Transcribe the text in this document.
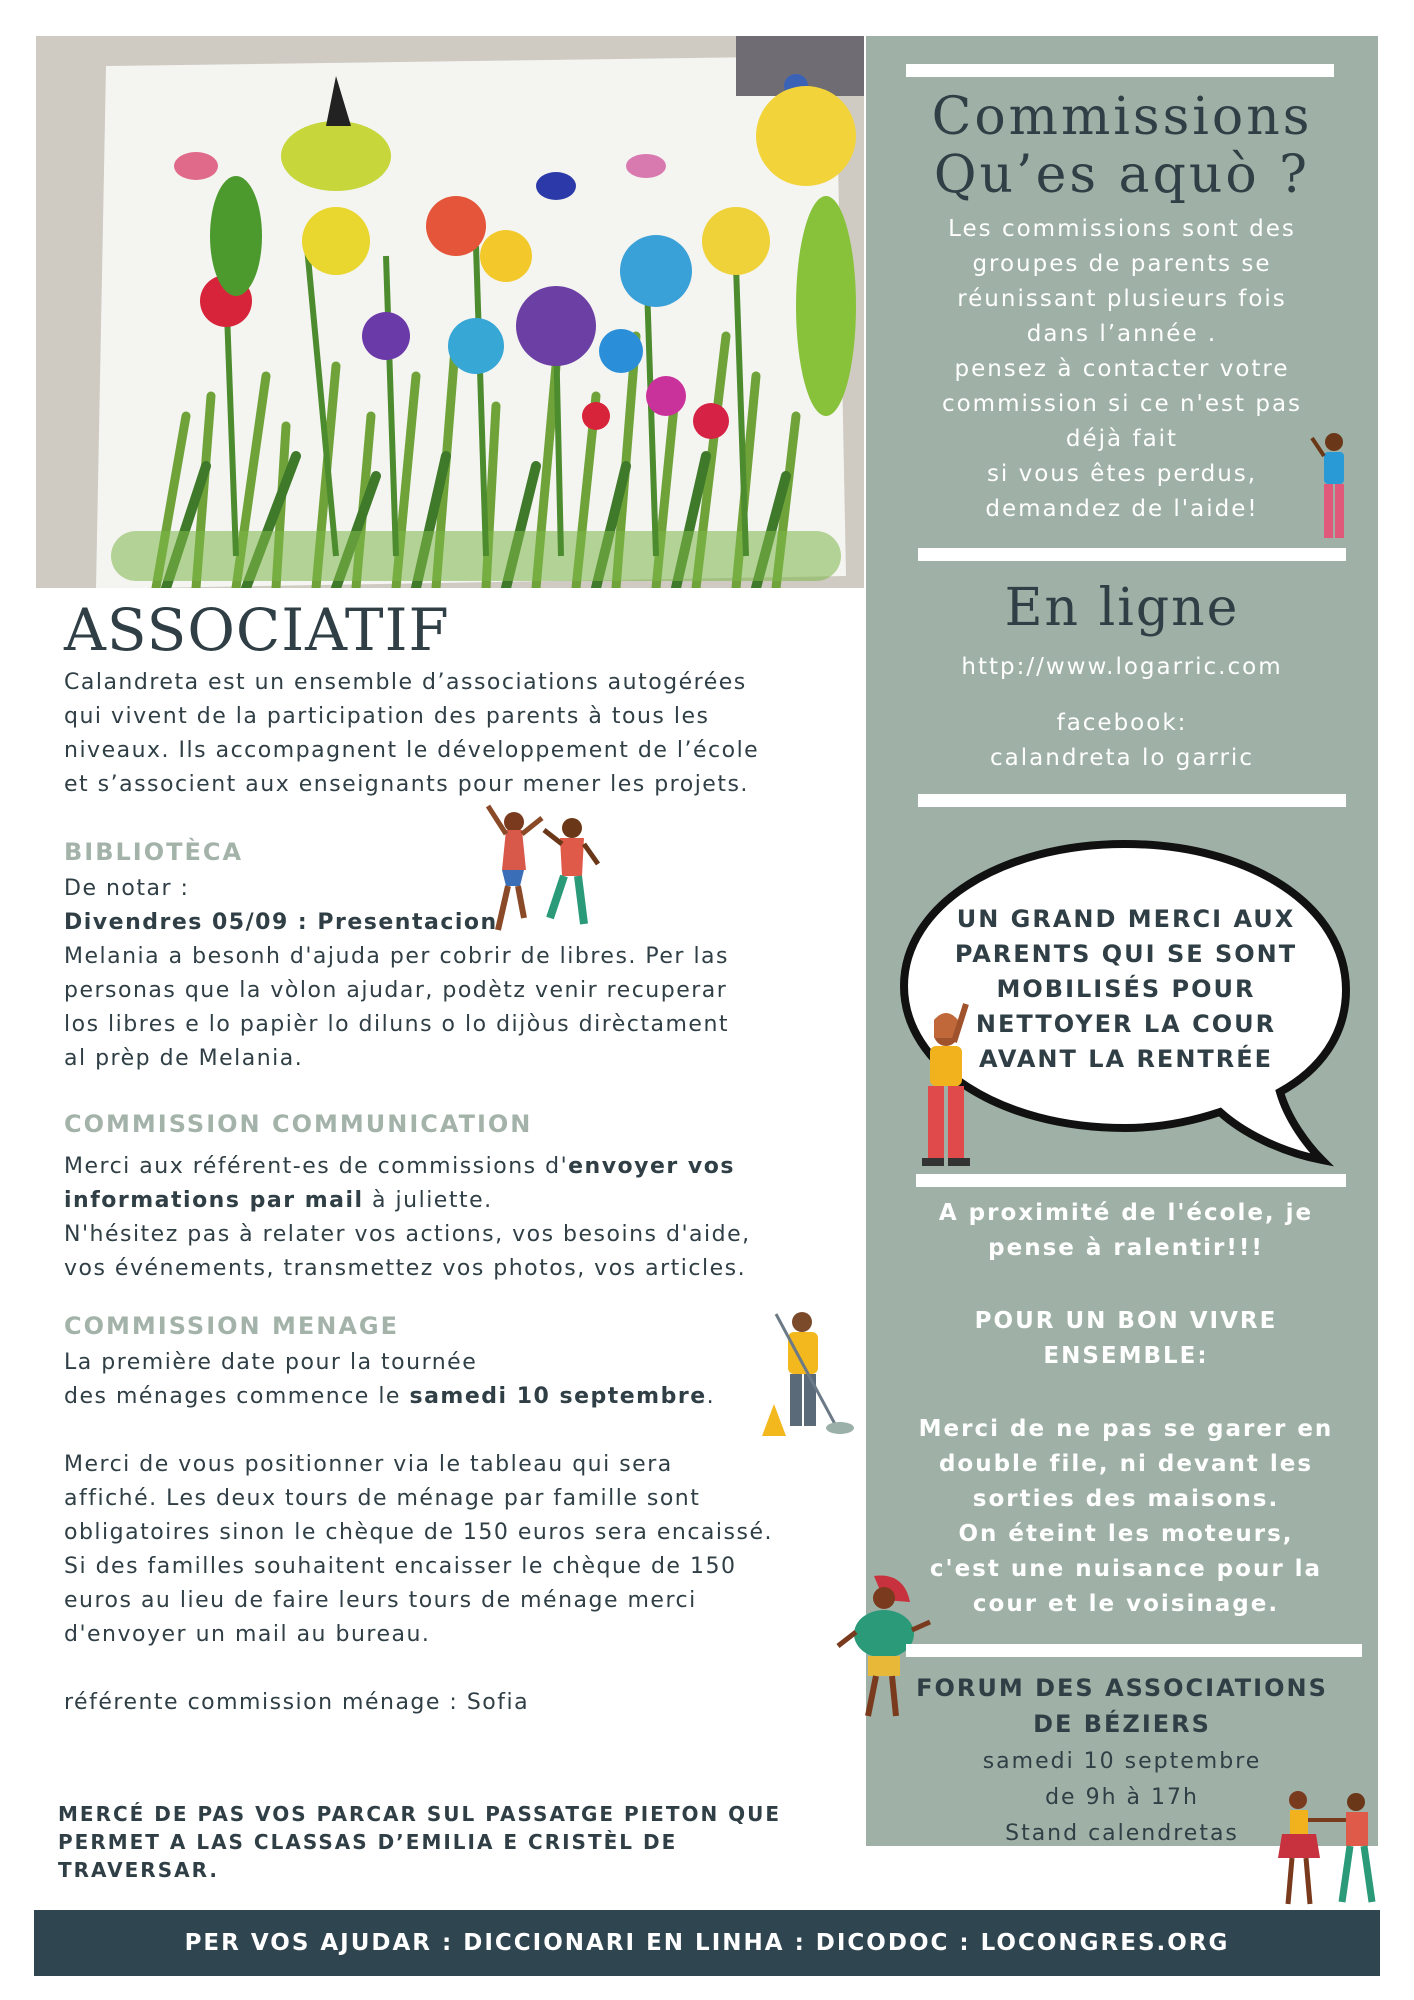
ASSOCIATIF
Calandreta est un ensemble d’associations autogérées
qui vivent de la participation des parents à tous les
niveaux. Ils accompagnent le développement de l’école
et s’associent aux enseignants pour mener les projets.
BIBLIOTÈCA
De notar :
Divendres 05/09 : Presentacion
Melania a besonh d'ajuda per cobrir de libres. Per las
personas que la vòlon ajudar, podètz venir recuperar
los libres e lo papièr lo diluns o lo dijòus dirèctament
al prèp de Melania.
COMMISSION COMMUNICATION
Merci aux référent-es de commissions d'envoyer vos
informations par mail à juliette.
N'hésitez pas à relater vos actions, vos besoins d'aide,
vos événements, transmettez vos photos, vos articles.
COMMISSION MENAGE
La première date pour la tournée
des ménages commence le samedi 10 septembre.
Merci de vous positionner via le tableau qui sera
affiché. Les deux tours de ménage par famille sont
obligatoires sinon le chèque de 150 euros sera encaissé.
Si des familles souhaitent encaisser le chèque de 150
euros au lieu de faire leurs tours de ménage merci
d'envoyer un mail au bureau.
référente commission ménage : Sofia
MERCÉ DE PAS VOS PARCAR SUL PASSATGE PIETON QUE
PERMET A LAS CLASSAS D’EMILIA E CRISTÈL DE
TRAVERSAR.
Commissions
Qu’es aquò ?
Les commissions sont des
groupes de parents se
réunissant plusieurs fois
dans l’année .
pensez à contacter votre
commission si ce n'est pas
déjà fait
si vous êtes perdus,
demandez de l'aide!
En ligne
http://www.logarric.com
facebook:
calandreta lo garric
UN GRAND MERCI AUX
PARENTS QUI SE SONT
MOBILISÉS POUR
NETTOYER LA COUR
AVANT LA RENTRÉE
A proximité de l'école, je
pense à ralentir!!!
POUR UN BON VIVRE
ENSEMBLE:
Merci de ne pas se garer en
double file, ni devant les
sorties des maisons.
On éteint les moteurs,
c'est une nuisance pour la
cour et le voisinage.
FORUM DES ASSOCIATIONS
DE BÉZIERS
samedi 10 septembre
de 9h à 17h
Stand calendretas
PER VOS AJUDAR : DICCIONARI EN LINHA : DICODOC : LOCONGRES.ORG
